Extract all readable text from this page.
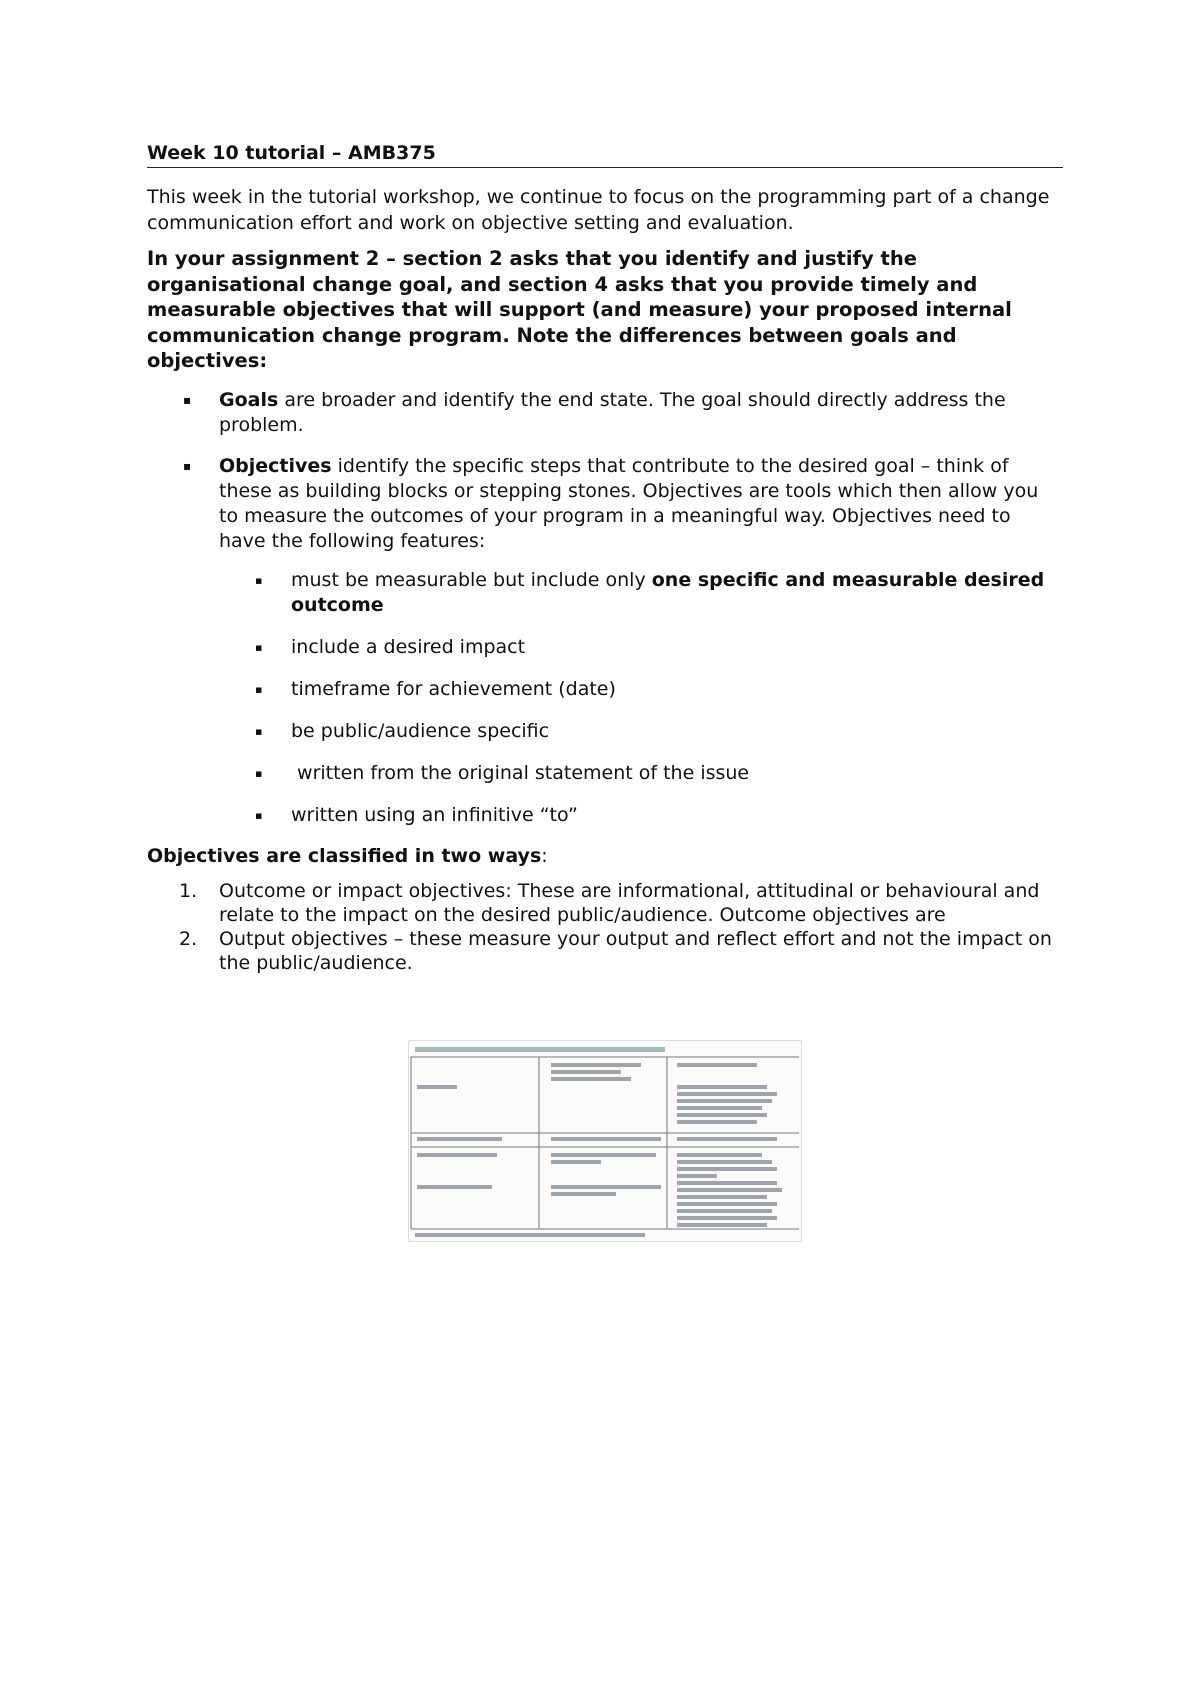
Week 10 tutorial – AMB375

This week in the tutorial workshop, we continue to focus on the programming part of a change communication effort and work on objective setting and evaluation.

In your assignment 2 – section 2 asks that you identify and justify the organisational change goal, and section 4 asks that you provide timely and measurable objectives that will support (and measure) your proposed internal communication change program. Note the differences between goals and objectives:

▪ Goals are broader and identify the end state. The goal should directly address the problem.
▪ Objectives identify the specific steps that contribute to the desired goal – think of these as building blocks or stepping stones. Objectives are tools which then allow you to measure the outcomes of your program in a meaningful way. Objectives need to have the following features:
▪ must be measurable but include only one specific and measurable desired outcome
▪ include a desired impact
▪ timeframe for achievement (date)
▪ be public/audience specific
▪ written from the original statement of the issue
▪ written using an infinitive “to”

Objectives are classified in two ways:

1. Outcome or impact objectives: These are informational, attitudinal or behavioural and relate to the impact on the desired public/audience. Outcome objectives are
2. Output objectives – these measure your output and reflect effort and not the impact on the public/audience.
